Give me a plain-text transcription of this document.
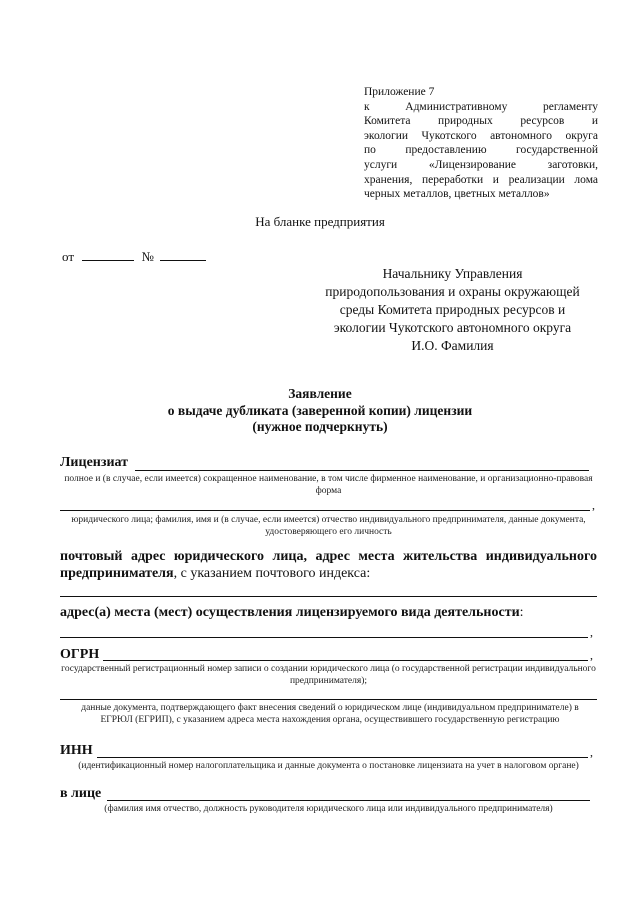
Приложение 7
к Административному регламенту
Комитета природных ресурсов и
экологии Чукотского автономного округа
по предоставлению государственной
услуги «Лицензирование заготовки,
хранения, переработки и реализации лома
черных металлов, цветных металлов»
На бланке предприятия
от	№
Начальнику Управления
природопользования и охраны окружающей
среды Комитета природных ресурсов и
экологии Чукотского автономного округа
И.О. Фамилия
Заявление
о выдаче дубликата (заверенной копии) лицензии
(нужное подчеркнуть)
Лицензиат
полное и (в случае, если имеется) сокращенное наименование, в том числе фирменное наименование, и организационно-правовая форма
,
юридического лица; фамилия, имя и (в случае, если имеется) отчество индивидуального предпринимателя, данные документа, удостоверяющего его личность
почтовый адрес юридического лица, адрес места жительства индивидуального предпринимателя, с указанием почтового индекса:
адрес(а) места (мест) осуществления лицензируемого вида деятельности:
,
ОГРН	,
государственный регистрационный номер записи о создании юридического лица (о государственной регистрации индивидуального предпринимателя);
данные документа, подтверждающего факт внесения сведений о юридическом лице (индивидуальном предпринимателе) в ЕГРЮЛ (ЕГРИП), с указанием адреса места нахождения органа, осуществившего государственную регистрацию
ИНН	,
(идентификационный номер налогоплательщика и данные документа о постановке лицензиата на учет в налоговом органе)
в лице
(фамилия имя отчество, должность руководителя юридического лица или индивидуального предпринимателя)
